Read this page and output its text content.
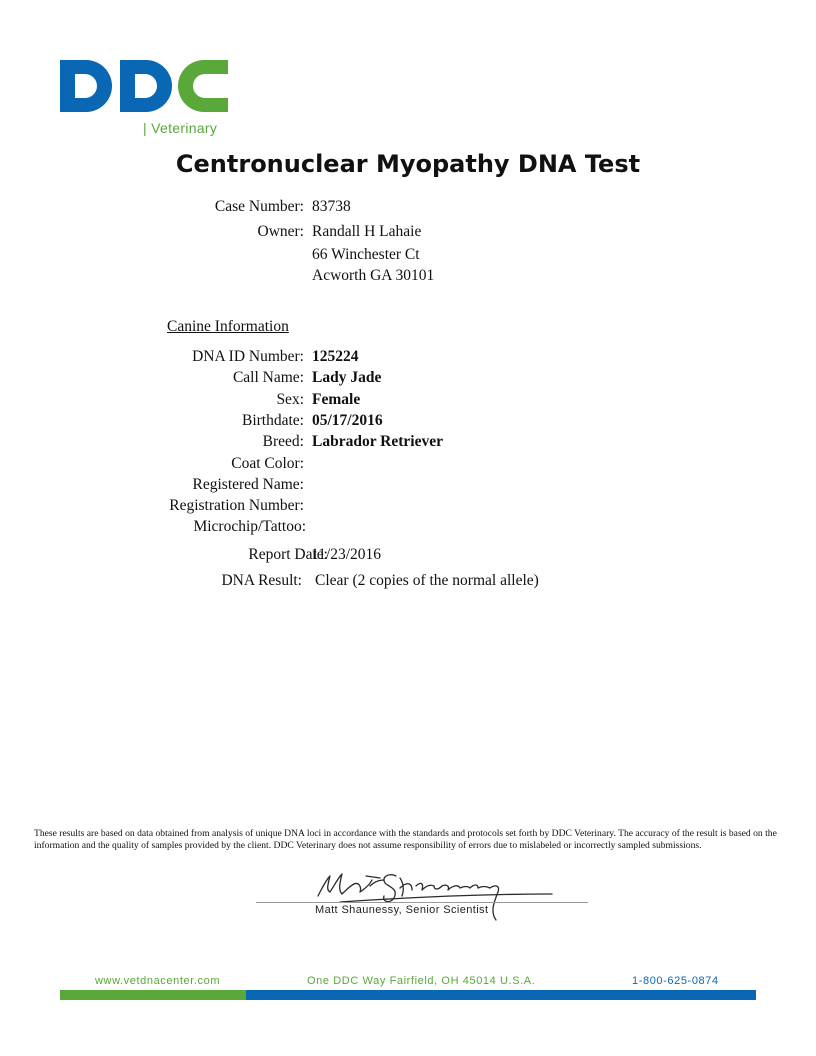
| Veterinary
Centronuclear Myopathy DNA Test
Case Number: 83738
Owner: Randall H Lahaie
66 Winchester Ct
Acworth GA 30101
Canine Information
DNA ID Number: 125224
Call Name: Lady Jade
Sex: Female
Birthdate: 05/17/2016
Breed: Labrador Retriever
Coat Color:
Registered Name:
Registration Number:
Microchip/Tattoo:
Report Date:
11/23/2016
DNA Result: Clear (2 copies of the normal allele)
These results are based on data obtained from analysis of unique DNA loci in accordance with the standards and protocols set forth by DDC Veterinary. The accuracy of the result is based on the information and the quality of samples provided by the client. DDC Veterinary does not assume responsibility of errors due to mislabeled or incorrectly sampled submissions.
Matt Shaunessy, Senior Scientist
www.vetdnacenter.com	One DDC Way Fairfield, OH 45014 U.S.A.	1-800-625-0874
